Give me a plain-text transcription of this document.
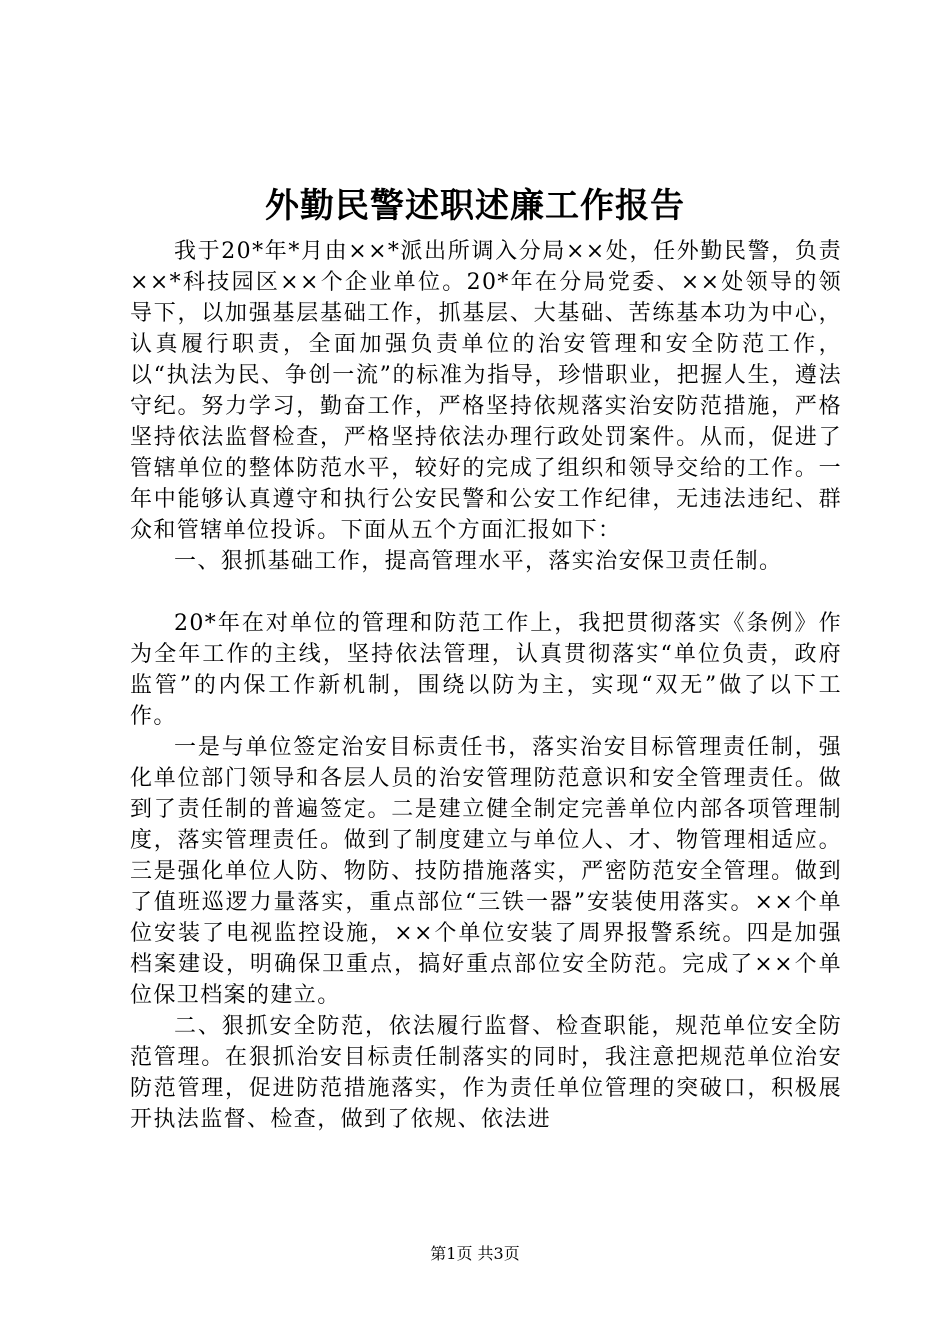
外勤民警述职述廉工作报告

我于20*年*月由××*派出所调入分局××处，任外勤民警，负责××*科技园区××个企业单位。20*年在分局党委、××处领导的领导下，以加强基层基础工作，抓基层、大基础、苦练基本功为中心，认真履行职责，全面加强负责单位的治安管理和安全防范工作，以“执法为民、争创一流”的标准为指导，珍惜职业，把握人生，遵法守纪。努力学习，勤奋工作，严格坚持依规落实治安防范措施，严格坚持依法监督检查，严格坚持依法办理行政处罚案件。从而，促进了管辖单位的整体防范水平，较好的完成了组织和领导交给的工作。一年中能够认真遵守和执行公安民警和公安工作纪律，无违法违纪、群众和管辖单位投诉。下面从五个方面汇报如下：

一、狠抓基础工作，提高管理水平，落实治安保卫责任制。

20*年在对单位的管理和防范工作上，我把贯彻落实《条例》作为全年工作的主线，坚持依法管理，认真贯彻落实“单位负责，政府监管”的内保工作新机制，围绕以防为主，实现“双无”做了以下工作。

一是与单位签定治安目标责任书，落实治安目标管理责任制，强化单位部门领导和各层人员的治安管理防范意识和安全管理责任。做到了责任制的普遍签定。二是建立健全制定完善单位内部各项管理制度，落实管理责任。做到了制度建立与单位人、才、物管理相适应。三是强化单位人防、物防、技防措施落实，严密防范安全管理。做到了值班巡逻力量落实，重点部位“三铁一器”安装使用落实。××个单位安装了电视监控设施，××个单位安装了周界报警系统。四是加强档案建设，明确保卫重点，搞好重点部位安全防范。完成了××个单位保卫档案的建立。

二、狠抓安全防范，依法履行监督、检查职能，规范单位安全防范管理。在狠抓治安目标责任制落实的同时，我注意把规范单位治安防范管理，促进防范措施落实，作为责任单位管理的突破口，积极展开执法监督、检查，做到了依规、依法进

第1页 共3页
